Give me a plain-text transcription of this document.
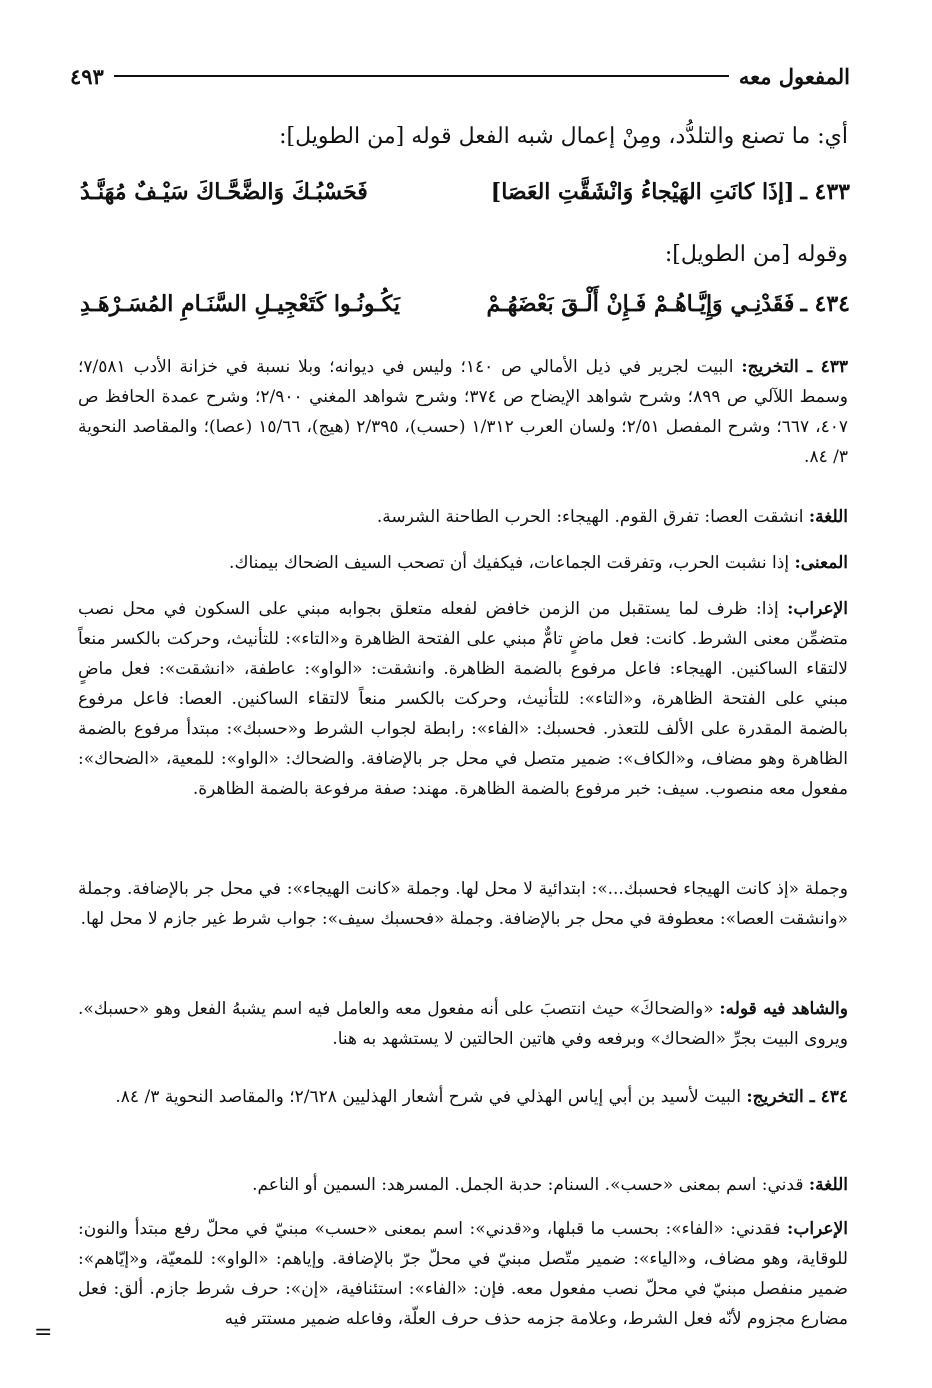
المفعول معه
٤٩٣
أي: ما تصنع والتلدُّد، ومِنْ إعمال شبه الفعل قوله [من الطويل]:
٤٣٣ ـ
[إذَا كانَتِ الهَيْجاءُ وَانْشَقَّتِ العَصَا]
فَحَسْبُـكَ وَالضَّحَّـاكَ سَيْـفٌ مُهَنَّـدُ
وقوله [من الطويل]:
٤٣٤ ـ
فَقَدْنِـي وَإِيَّـاهُـمْ فَـإِنْ أَلْـقَ بَعْضَهُـمْ
يَكُـونُـوا كَتَعْجِيـلِ السَّنَـامِ المُسَـرْهَـدِ
٤٣٣ ـ التخريج: البيت لجرير في ذيل الأمالي ص ١٤٠؛ وليس في ديوانه؛ وبلا نسبة في خزانة الأدب ٧/٥٨١؛ وسمط اللآلي ص ٨٩٩؛ وشرح شواهد الإيضاح ص ٣٧٤؛ وشرح شواهد المغني ٢/٩٠٠؛ وشرح عمدة الحافظ ص ٤٠٧، ٦٦٧؛ وشرح المفصل ٢/٥١؛ ولسان العرب ١/٣١٢ (حسب)، ٢/٣٩٥ (هيج)، ١٥/٦٦ (عصا)؛ والمقاصد النحوية ٣/ ٨٤.
اللغة: انشقت العصا: تفرق القوم. الهيجاء: الحرب الطاحنة الشرسة.
المعنى: إذا نشبت الحرب، وتفرقت الجماعات، فيكفيك أن تصحب السيف الضحاك بيمناك.
الإعراب: إذا: ظرف لما يستقبل من الزمن خافض لفعله متعلق بجوابه مبني على السكون في محل نصب متضمِّن معنى الشرط. كانت: فعل ماضٍ تامٌّ مبني على الفتحة الظاهرة و«التاء»: للتأنيث، وحركت بالكسر منعاً لالتقاء الساكنين. الهيجاء: فاعل مرفوع بالضمة الظاهرة. وانشقت: «الواو»: عاطفة، «انشقت»: فعل ماضٍ مبني على الفتحة الظاهرة، و«التاء»: للتأنيث، وحركت بالكسر منعاً لالتقاء الساكنين. العصا: فاعل مرفوع بالضمة المقدرة على الألف للتعذر. فحسبك: «الفاء»: رابطة لجواب الشرط و«حسبك»: مبتدأ مرفوع بالضمة الظاهرة وهو مضاف، و«الكاف»: ضمير متصل في محل جر بالإضافة. والضحاك: «الواو»: للمعية، «الضحاك»: مفعول معه منصوب. سيف: خبر مرفوع بالضمة الظاهرة. مهند: صفة مرفوعة بالضمة الظاهرة.
وجملة «إذ كانت الهيجاء فحسبك...»: ابتدائية لا محل لها. وجملة «كانت الهيجاء»: في محل جر بالإضافة. وجملة «وانشقت العصا»: معطوفة في محل جر بالإضافة. وجملة «فحسبك سيف»: جواب شرط غير جازم لا محل لها.
والشاهد فيه قوله: «والضحاكَ» حيث انتصبَ على أنه مفعول معه والعامل فيه اسم يشبهُ الفعل وهو «حسبك». ويروى البيت بجرِّ «الضحاك» وبرفعه وفي هاتين الحالتين لا يستشهد به هنا.
٤٣٤ ـ التخريج: البيت لأسيد بن أبي إياس الهذلي في شرح أشعار الهذليين ٢/٦٢٨؛ والمقاصد النحوية ٣/ ٨٤.
اللغة: قدني: اسم بمعنى «حسب». السنام: حدبة الجمل. المسرهد: السمين أو الناعم.
الإعراب: فقدني: «الفاء»: بحسب ما قبلها، و«قدني»: اسم بمعنى «حسب» مبنيّ في محلّ رفع مبتدأ والنون: للوقاية، وهو مضاف، و«الياء»: ضمير متّصل مبنيّ في محلّ جرّ بالإضافة. وإياهم: «الواو»: للمعيّة، و«إيّاهم»: ضمير منفصل مبنيّ في محلّ نصب مفعول معه. فإن: «الفاء»: استئنافية، «إن»: حرف شرط جازم. ألق: فعل مضارع مجزوم لأنّه فعل الشرط، وعلامة جزمه حذف حرف العلّة، وفاعله ضمير مستتر فيه
=
